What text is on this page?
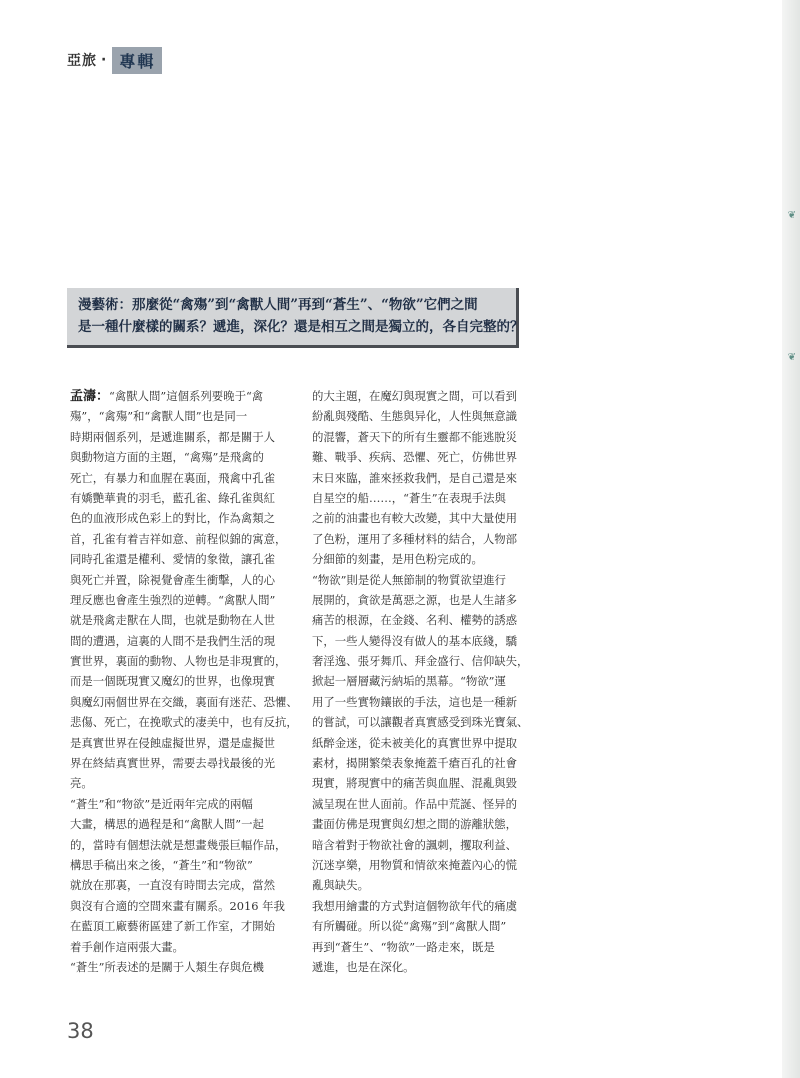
❦
❦
亞旅 · 專輯

漫藝術：那麼從“禽殤”到“禽獸人間”再到“蒼生”、“物欲”它們之間

是一種什麼樣的關系？遞進，深化？還是相互之間是獨立的，各自完整的？

孟濤：“禽獸人間”這個系列要晚于“禽
殤”，“禽殤”和“禽獸人間”也是同一
時期兩個系列，是遞進關系，都是關于人
與動物這方面的主題，“禽殤”是飛禽的
死亡，有暴力和血腥在裏面，飛禽中孔雀
有嬌艷華貴的羽毛，藍孔雀、綠孔雀與紅
色的血液形成色彩上的對比，作為禽類之
首，孔雀有着吉祥如意、前程似錦的寓意，
同時孔雀還是權利、愛情的象徵，讓孔雀
與死亡并置，除視覺會產生衝擊，人的心
理反應也會產生強烈的逆轉。“禽獸人間”
就是飛禽走獸在人間，也就是動物在人世
間的遭遇，這裏的人間不是我們生活的現
實世界，裏面的動物、人物也是非現實的，
而是一個既現實又魔幻的世界，也像現實
與魔幻兩個世界在交織，裏面有迷茫、恐懼、
悲傷、死亡，在挽歌式的凄美中，也有反抗，
是真實世界在侵蝕虛擬世界，還是虛擬世
界在終結真實世界，需要去尋找最後的光
亮。
“蒼生”和“物欲”是近兩年完成的兩幅
大畫，構思的過程是和“禽獸人間”一起
的，當時有個想法就是想畫幾張巨幅作品，
構思手稿出來之後，“蒼生”和“物欲”
就放在那裏，一直沒有時間去完成，當然
與沒有合適的空間來畫有關系。2016 年我
在藍頂工廠藝術區建了新工作室，才開始
着手創作這兩張大畫。
“蒼生”所表述的是關于人類生存與危機
的大主題，在魔幻與現實之間，可以看到
紛亂與殘酷、生態與异化，人性與無意識
的混響，蒼天下的所有生靈都不能逃脫災
難、戰爭、疾病、恐懼、死亡，仿佛世界
末日來臨，誰來拯救我們，是自己還是來
自星空的船……，“蒼生”在表現手法與
之前的油畫也有較大改變，其中大量使用
了色粉，運用了多種材料的結合，人物部
分細節的刻畫，是用色粉完成的。
“物欲”則是從人無節制的物質欲望進行
展開的，貪欲是萬惡之源，也是人生諸多
痛苦的根源，在金錢、名利、權勢的誘惑
下，一些人變得沒有做人的基本底綫，驕
奢淫逸、張牙舞爪、拜金盛行、信仰缺失，
掀起一層層藏污納垢的黑幕。“物欲”運
用了一些實物鑲嵌的手法，這也是一種新
的嘗試，可以讓觀者真實感受到珠光寶氣、
紙醉金迷，從未被美化的真實世界中提取
素材，揭開繁榮表象掩蓋千瘡百孔的社會
現實，將現實中的痛苦與血腥、混亂與毀
滅呈現在世人面前。作品中荒誕、怪异的
畫面仿佛是現實與幻想之間的游離狀態，
暗含着對于物欲社會的諷刺，攫取利益、
沉迷享樂，用物質和情欲來掩蓋內心的慌
亂與缺失。
我想用繪畫的方式對這個物欲年代的痛虞
有所觸碰。所以從“禽殤”到“禽獸人間”
再到“蒼生”、“物欲”一路走來，既是
遞進，也是在深化。
38
